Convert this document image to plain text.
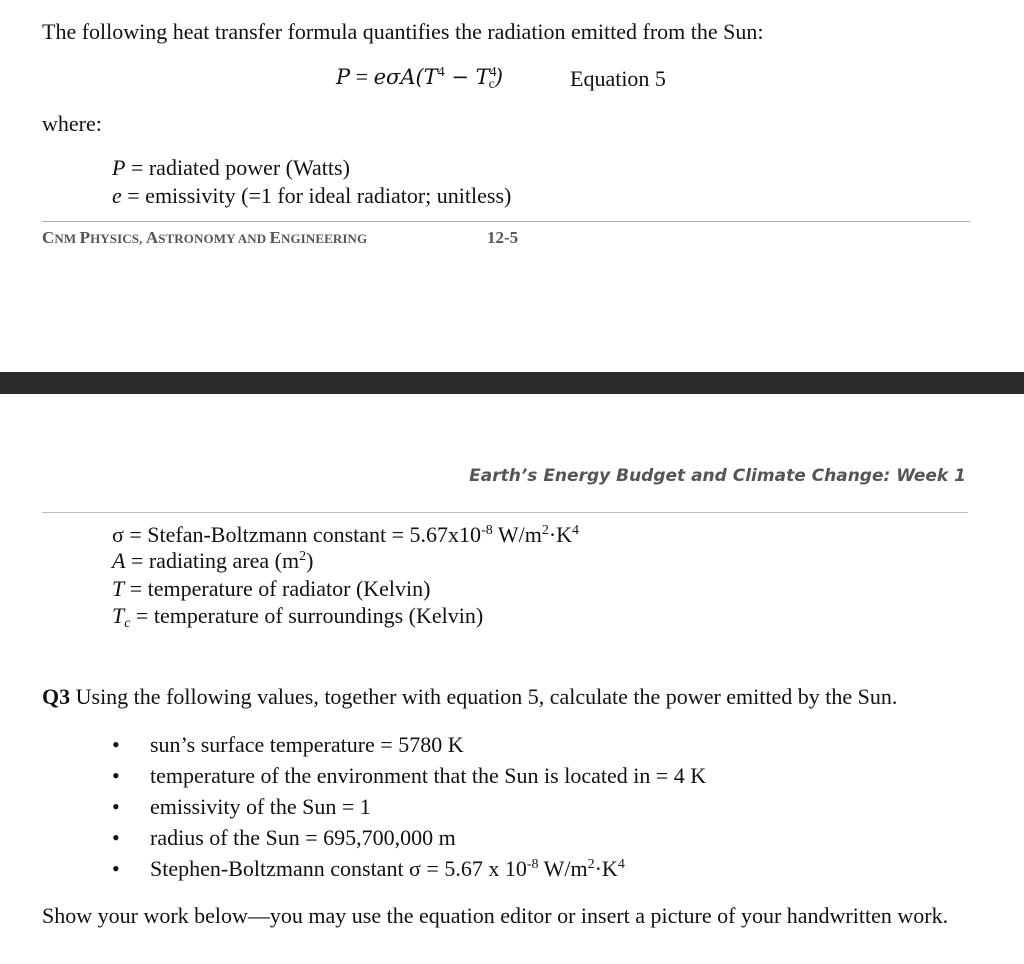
The following heat transfer formula quantifies the radiation emitted from the Sun:
$P = e\sigma A(T^4 - T^4_c)$	Equation 5
where:
P = radiated power (Watts)
e = emissivity (=1 for ideal radiator; unitless)
CNM PHYSICS, ASTRONOMY AND ENGINEERING	12-5
Earth’s Energy Budget and Climate Change: Week 1
σ = Stefan-Boltzmann constant = $5.67x10^{-8}$ $W/m^2\cdot K^4$
A = radiating area $(m^2)$
T = temperature of radiator (Kelvin)
$T_c$ = temperature of surroundings (Kelvin)
Q3 Using the following values, together with equation 5, calculate the power emitted by the Sun.
• sun’s surface temperature = 5780 K
• temperature of the environment that the Sun is located in = 4 K
• emissivity of the Sun = 1
• radius of the Sun = 695,700,000 m
• Stephen-Boltzmann constant σ = 5.67 x $10^{-8}$ $W/m^2\cdot K^4$
Show your work below—you may use the equation editor or insert a picture of your handwritten work.
